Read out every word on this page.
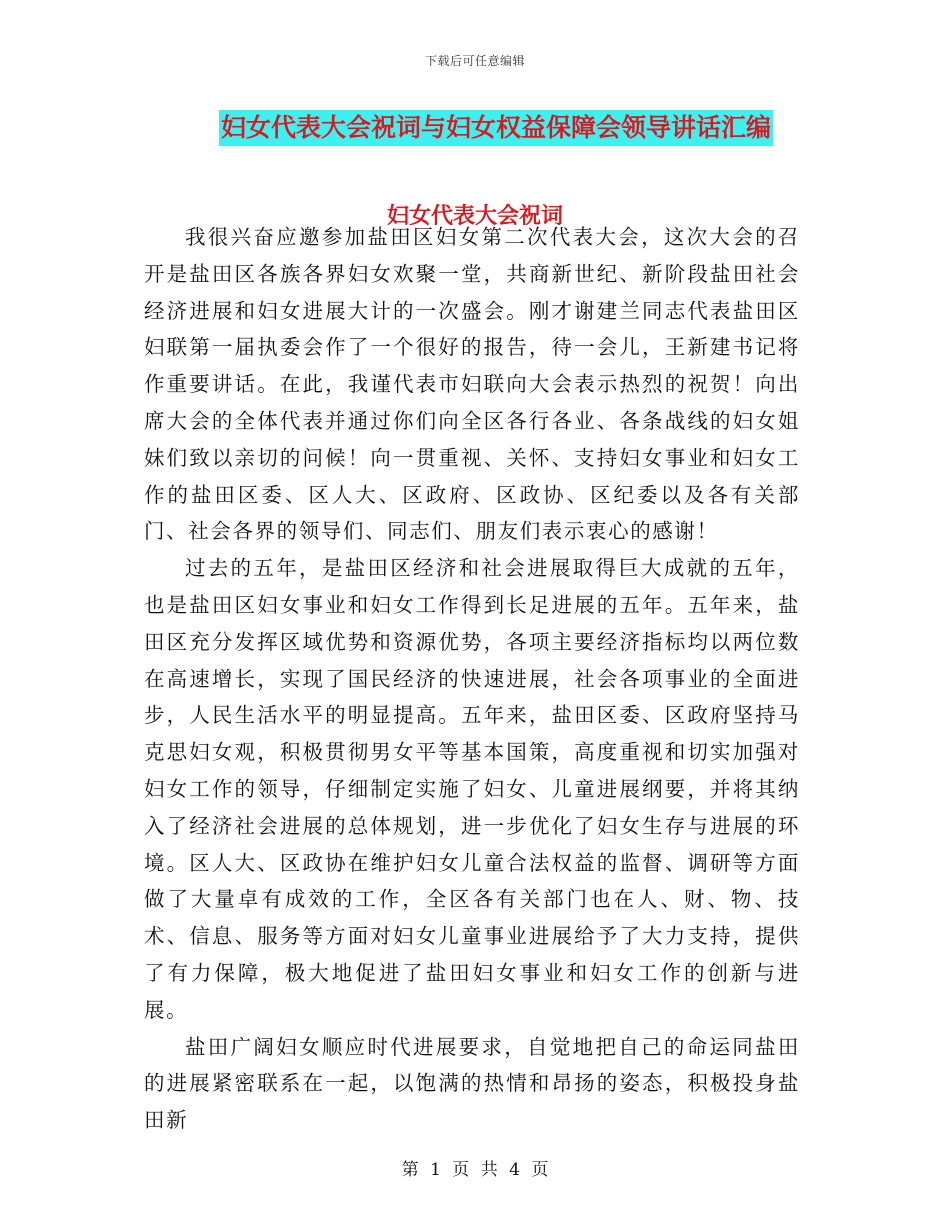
下载后可任意编辑
妇女代表大会祝词与妇女权益保障会领导讲话汇编
妇女代表大会祝词

我很兴奋应邀参加盐田区妇女第二次代表大会，这次大会的召开是盐田区各族各界妇女欢聚一堂，共商新世纪、新阶段盐田社会经济进展和妇女进展大计的一次盛会。刚才谢建兰同志代表盐田区妇联第一届执委会作了一个很好的报告，待一会儿，王新建书记将作重要讲话。在此，我谨代表市妇联向大会表示热烈的祝贺！向出席大会的全体代表并通过你们向全区各行各业、各条战线的妇女姐妹们致以亲切的问候！向一贯重视、关怀、支持妇女事业和妇女工作的盐田区委、区人大、区政府、区政协、区纪委以及各有关部门、社会各界的领导们、同志们、朋友们表示衷心的感谢！

过去的五年，是盐田区经济和社会进展取得巨大成就的五年，也是盐田区妇女事业和妇女工作得到长足进展的五年。五年来，盐田区充分发挥区域优势和资源优势，各项主要经济指标均以两位数在高速增长，实现了国民经济的快速进展，社会各项事业的全面进步，人民生活水平的明显提高。五年来，盐田区委、区政府坚持马克思妇女观，积极贯彻男女平等基本国策，高度重视和切实加强对妇女工作的领导，仔细制定实施了妇女、儿童进展纲要，并将其纳入了经济社会进展的总体规划，进一步优化了妇女生存与进展的环境。区人大、区政协在维护妇女儿童合法权益的监督、调研等方面做了大量卓有成效的工作，全区各有关部门也在人、财、物、技术、信息、服务等方面对妇女儿童事业进展给予了大力支持，提供了有力保障，极大地促进了盐田妇女事业和妇女工作的创新与进展。

盐田广阔妇女顺应时代进展要求，自觉地把自己的命运同盐田的进展紧密联系在一起，以饱满的热情和昂扬的姿态，积极投身盐田新

第 1 页 共 4 页
